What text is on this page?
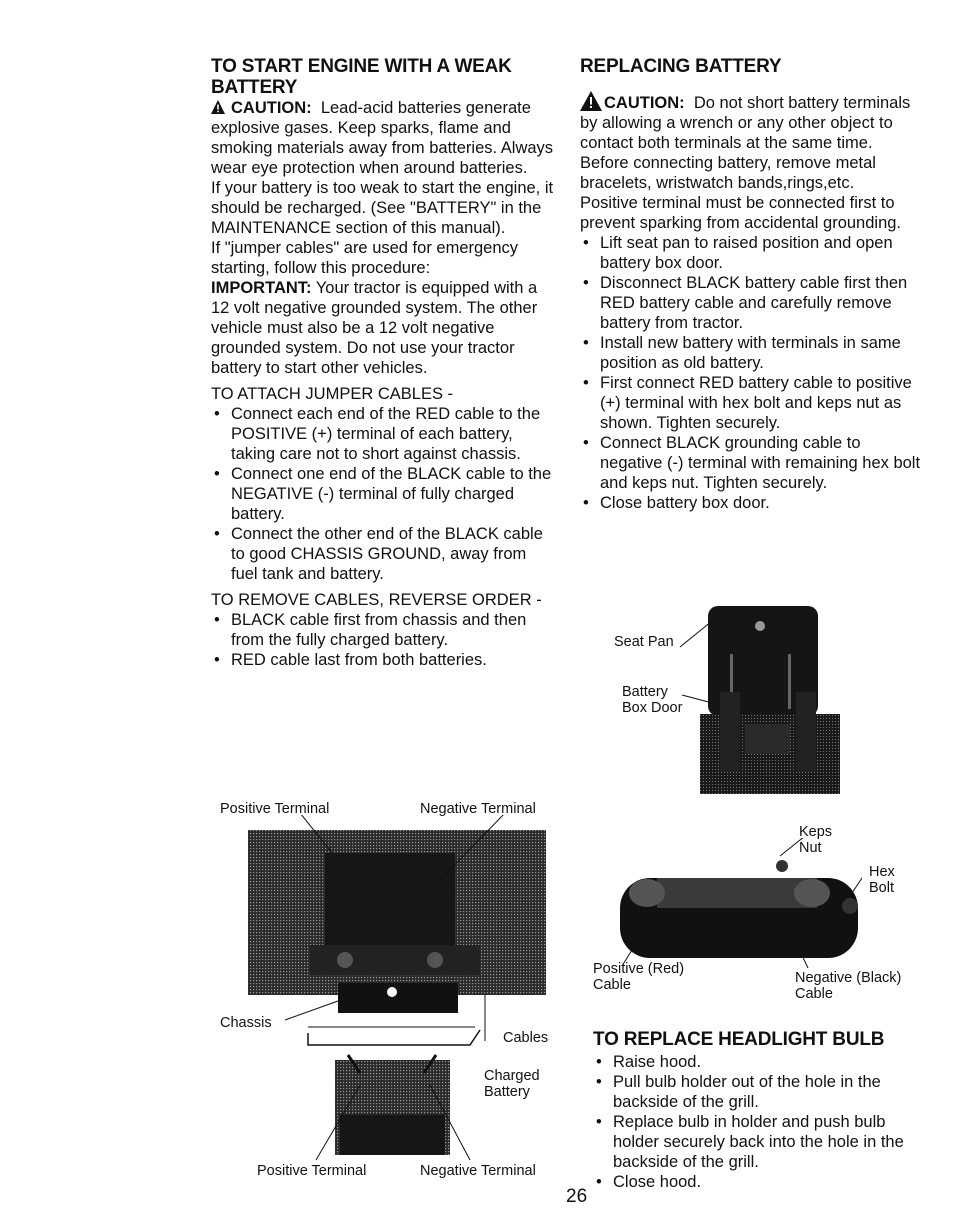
TO START ENGINE WITH A WEAK BATTERY

CAUTION: Lead-acid batteries generate explosive gases. Keep sparks, flame and smoking materials away from batteries. Always wear eye protection when around batteries.

If your battery is too weak to start the engine, it should be recharged. (See "BATTERY" in the MAINTENANCE section of this manual).

If "jumper cables" are used for emergency starting, follow this procedure:

IMPORTANT: Your tractor is equipped with a 12 volt negative grounded system. The other vehicle must also be a 12 volt negative grounded system. Do not use your tractor battery to start other vehicles.

TO ATTACH JUMPER CABLES -

• Connect each end of the RED cable to the POSITIVE (+) terminal of each battery, taking care not to short against chassis.
• Connect one end of the BLACK cable to the NEGATIVE (-) terminal of fully charged battery.
• Connect the other end of the BLACK cable to good CHASSIS GROUND, away from fuel tank and battery.

TO REMOVE CABLES, REVERSE ORDER -

• BLACK cable first from chassis and then from the fully charged battery.
• RED cable last from both batteries.
REPLACING BATTERY

CAUTION: Do not short battery terminals by allowing a wrench or any other object to contact both terminals at the same time. Before connecting battery, remove metal bracelets, wristwatch bands,rings,etc.

Positive terminal must be connected first to prevent sparking from accidental grounding.

• Lift seat pan to raised position and open battery box door.
• Disconnect BLACK battery cable first then RED battery cable and carefully remove battery from tractor.
• Install new battery with terminals in same position as old battery.
• First connect RED battery cable to positive (+) terminal with hex bolt and keps nut as shown. Tighten securely.
• Connect BLACK grounding cable to negative (-) terminal with remaining hex bolt and keps nut. Tighten securely.
• Close battery box door.
Seat Pan
Battery Box Door
Positive Terminal	Negative Terminal
Chassis
Cables
Charged Battery
Positive Terminal	Negative Terminal
Keps Nut
Hex Bolt
Positive (Red) Cable	Negative (Black) Cable
TO REPLACE HEADLIGHT BULB
• Raise hood.
• Pull bulb holder out of the hole in the backside of the grill.
• Replace bulb in holder and push bulb holder securely back into the hole in the backside of the grill.
• Close hood.
26
